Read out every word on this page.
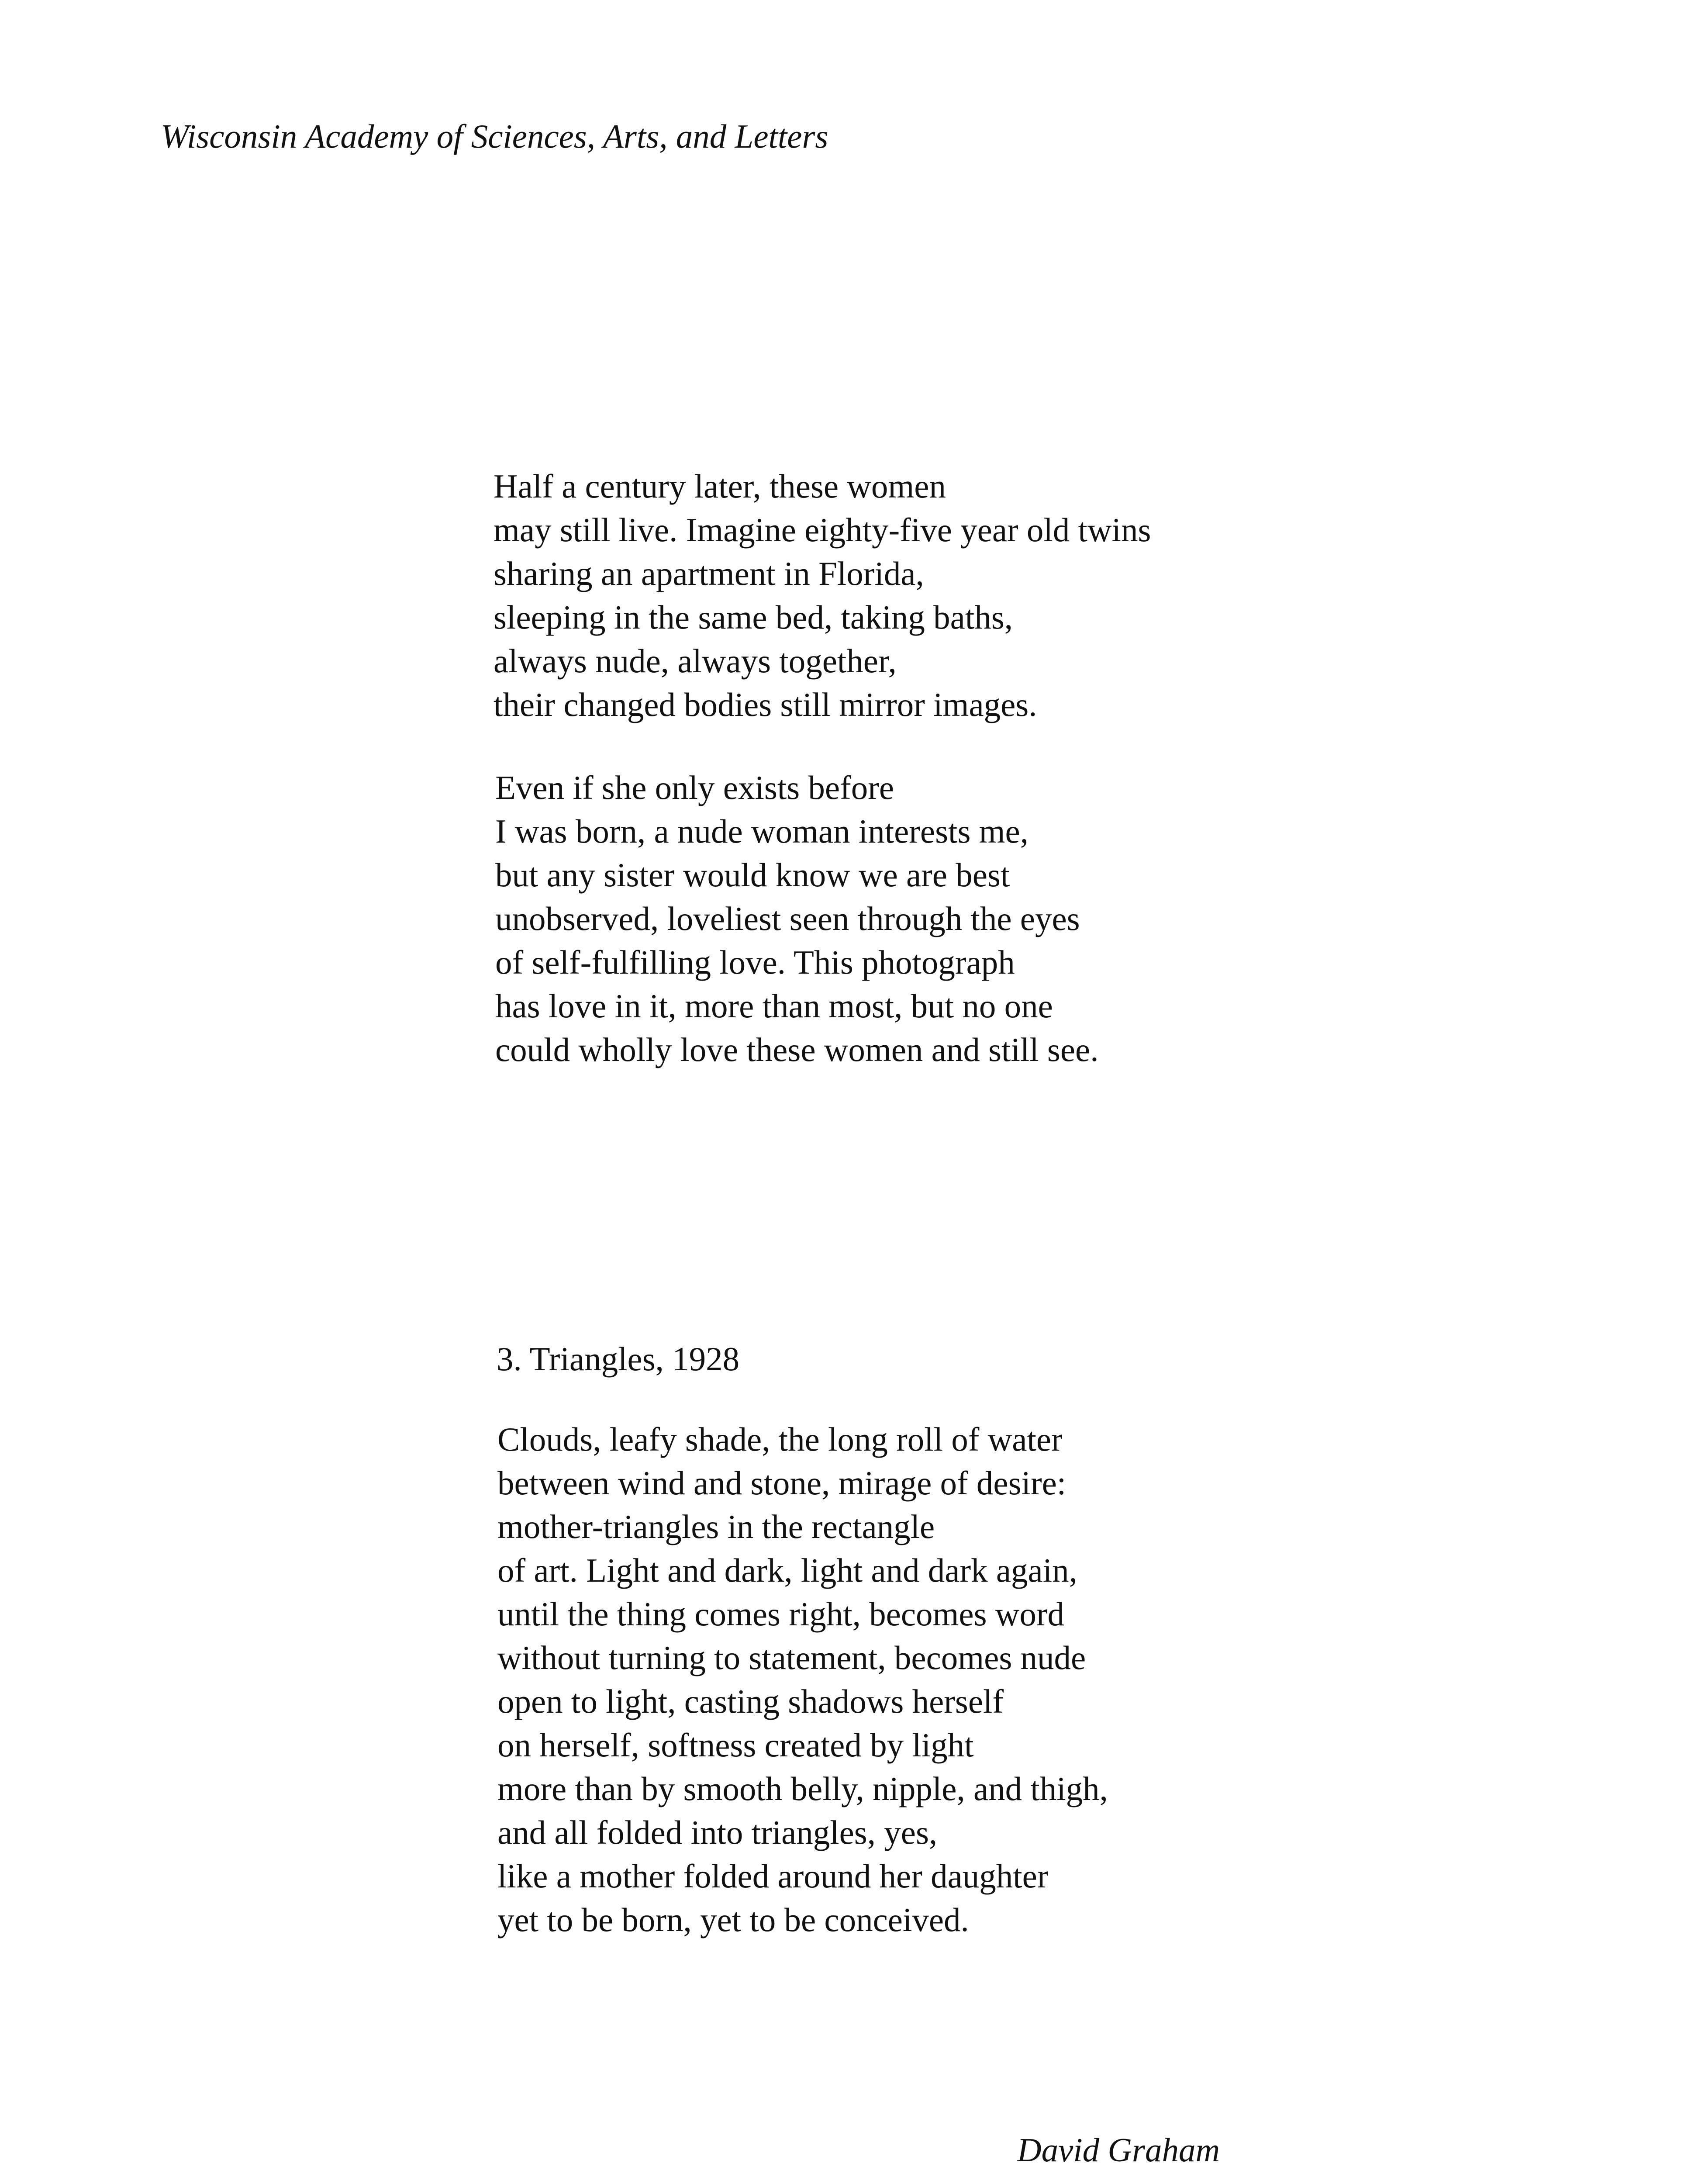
Wisconsin Academy of Sciences, Arts, and Letters
Half a century later, these women
may still live. Imagine eighty-five year old twins
sharing an apartment in Florida,
sleeping in the same bed, taking baths,
always nude, always together,
their changed bodies still mirror images.
Even if she only exists before
I was born, a nude woman interests me,
but any sister would know we are best
unobserved, loveliest seen through the eyes
of self-fulfilling love. This photograph
has love in it, more than most, but no one
could wholly love these women and still see.
3. Triangles, 1928
Clouds, leafy shade, the long roll of water
between wind and stone, mirage of desire:
mother-triangles in the rectangle
of art. Light and dark, light and dark again,
until the thing comes right, becomes word
without turning to statement, becomes nude
open to light, casting shadows herself
on herself, softness created by light
more than by smooth belly, nipple, and thigh,
and all folded into triangles, yes,
like a mother folded around her daughter
yet to be born, yet to be conceived.
David Graham
